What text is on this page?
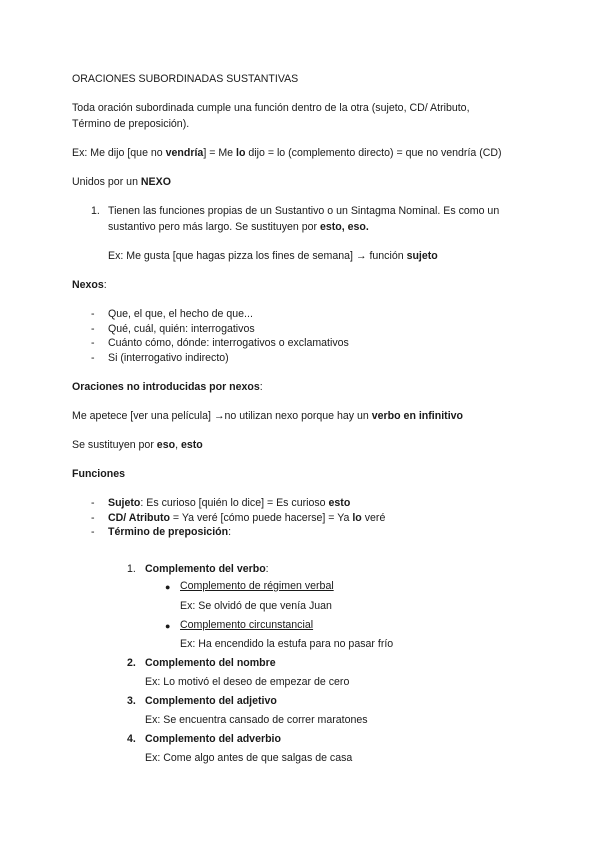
ORACIONES SUBORDINADAS SUSTANTIVAS
Toda oración subordinada cumple una función dentro de la otra (sujeto, CD/ Atributo,
Término de preposición).
Ex: Me dijo [que no vendría] = Me lo dijo = lo (complemento directo) = que no vendría (CD)
Unidos por un NEXO
1. Tienen las funciones propias de un Sustantivo o un Sintagma Nominal. Es como un
sustantivo pero más largo. Se sustituyen por esto, eso.
Ex: Me gusta [que hagas pizza los fines de semana] → función sujeto
Nexos:
- Que, el que, el hecho de que...
- Qué, cuál, quién: interrogativos
- Cuánto cómo, dónde: interrogativos o exclamativos
- Si (interrogativo indirecto)
Oraciones no introducidas por nexos:
Me apetece [ver una película] →no utilizan nexo porque hay un verbo en infinitivo
Se sustituyen por eso, esto
Funciones
- Sujeto: Es curioso [quién lo dice] = Es curioso esto
- CD/ Atributo = Ya veré [cómo puede hacerse] = Ya lo veré
- Término de preposición:
1. Complemento del verbo:
● Complemento de régimen verbal
Ex: Se olvidó de que venía Juan
● Complemento circunstancial
Ex: Ha encendido la estufa para no pasar frío
2. Complemento del nombre
Ex: Lo motivó el deseo de empezar de cero
3. Complemento del adjetivo
Ex: Se encuentra cansado de correr maratones
4. Complemento del adverbio
Ex: Come algo antes de que salgas de casa
